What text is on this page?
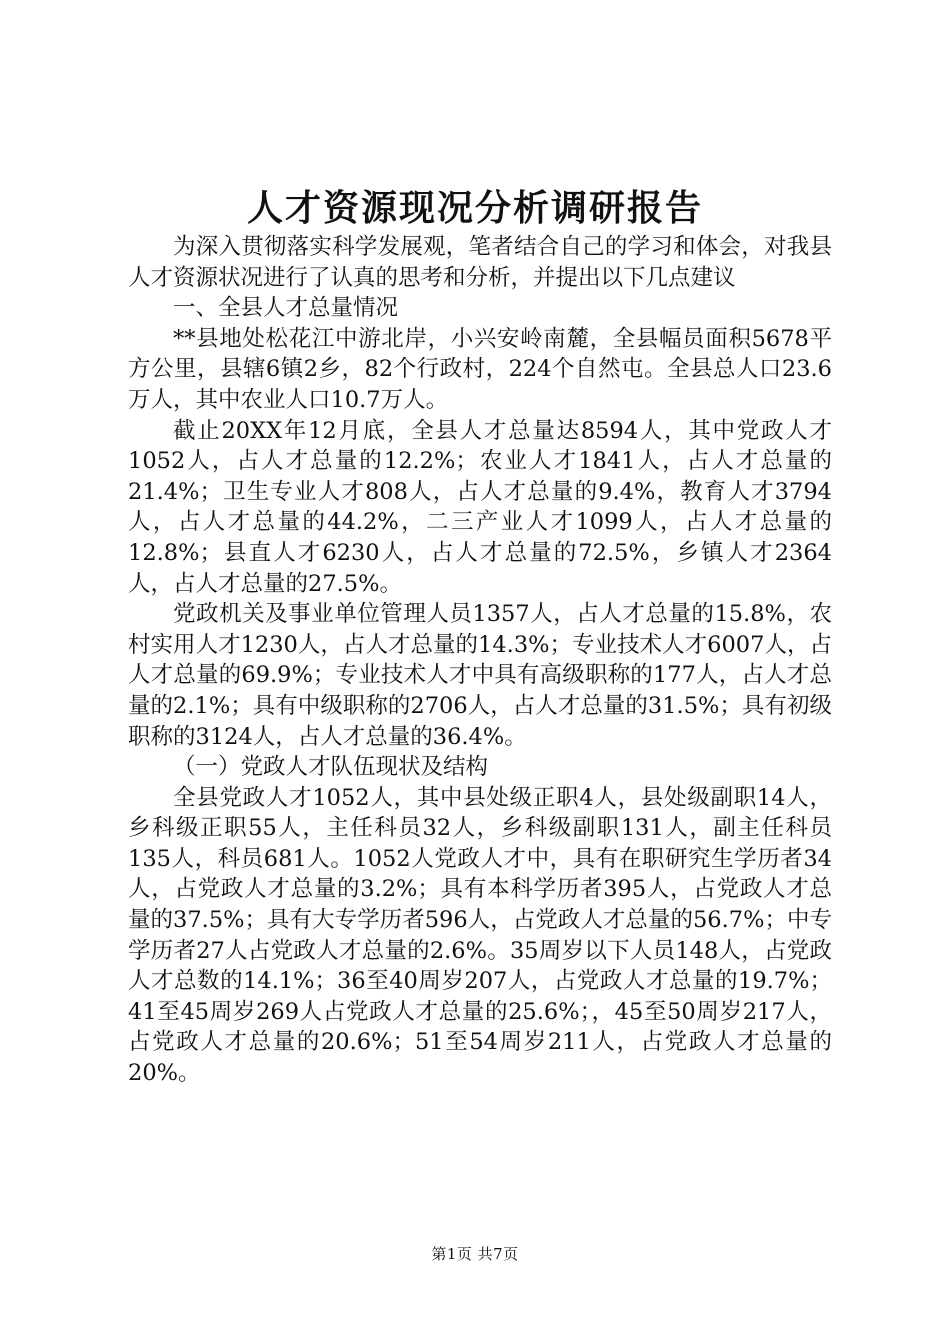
人才资源现况分析调研报告

为深入贯彻落实科学发展观，笔者结合自己的学习和体会，对我县人才资源状况进行了认真的思考和分析，并提出以下几点建议

一、全县人才总量情况

**县地处松花江中游北岸，小兴安岭南麓，全县幅员面积5678平方公里，县辖6镇2乡，82个行政村，224个自然屯。全县总人口23.6万人，其中农业人口10.7万人。

截止20XX年12月底，全县人才总量达8594人，其中党政人才1052人，占人才总量的12.2%；农业人才1841人，占人才总量的21.4%；卫生专业人才808人，占人才总量的9.4%，教育人才3794人，占人才总量的44.2%，二三产业人才1099人，占人才总量的12.8%；县直人才6230人，占人才总量的72.5%，乡镇人才2364人，占人才总量的27.5%。

党政机关及事业单位管理人员1357人，占人才总量的15.8%，农村实用人才1230人，占人才总量的14.3%；专业技术人才6007人，占人才总量的69.9%；专业技术人才中具有高级职称的177人，占人才总量的2.1%；具有中级职称的2706人，占人才总量的31.5%；具有初级职称的3124人，占人才总量的36.4%。

（一）党政人才队伍现状及结构

全县党政人才1052人，其中县处级正职4人，县处级副职14人，乡科级正职55人，主任科员32人，乡科级副职131人，副主任科员135人，科员681人。1052人党政人才中，具有在职研究生学历者34人，占党政人才总量的3.2%；具有本科学历者395人，占党政人才总量的37.5%；具有大专学历者596人，占党政人才总量的56.7%；中专学历者27人占党政人才总量的2.6%。35周岁以下人员148人，占党政人才总数的14.1%；36至40周岁207人，占党政人才总量的19.7%；41至45周岁269人占党政人才总量的25.6%；，45至50周岁217人，占党政人才总量的20.6%；51至54周岁211人，占党政人才总量的20%。

第1页 共7页
